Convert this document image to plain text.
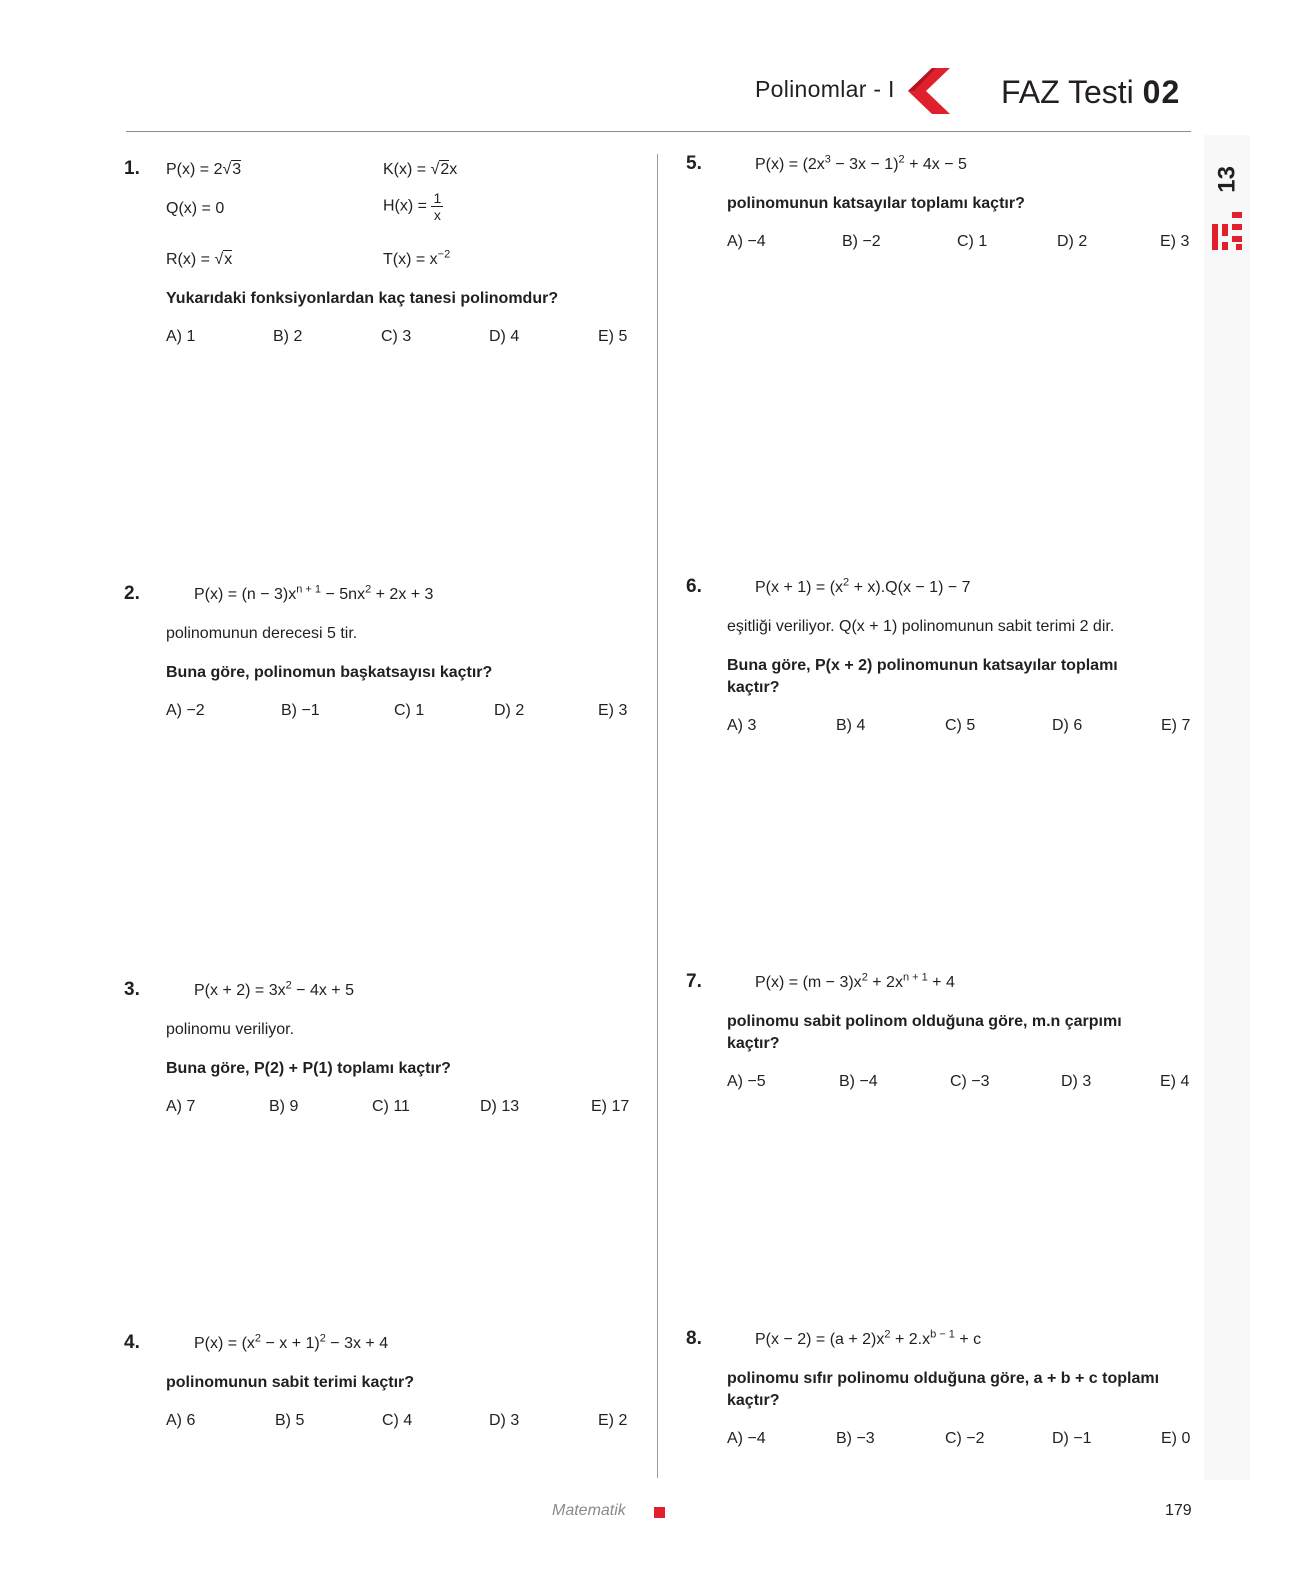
Polinomlar - I	FAZ Testi 02
13
1. P(x) = 2√3	K(x) = √2x
Q(x) = 0	$H(x) = \frac{1}{x}$
R(x) = √x	$T(x) = x^{-2}$
Yukarıdaki fonksiyonlardan kaç tanesi polinomdur?
A) 1	B) 2	C) 3	D) 4	E) 5
2.	$P(x) = (n - 3)x^{n + 1} - 5nx^2 + 2x + 3$
polinomunun derecesi 5 tir.
Buna göre, polinomun başkatsayısı kaçtır?
A) −2	B) −1	C) 1	D) 2	E) 3
3.	$P(x + 2) = 3x^2 - 4x + 5$
polinomu veriliyor.
Buna göre, P(2) + P(1) toplamı kaçtır?
A) 7	B) 9	C) 11	D) 13	E) 17
4.	$P(x) = (x^2 - x + 1)^2 - 3x + 4$
polinomunun sabit terimi kaçtır?
A) 6	B) 5	C) 4	D) 3	E) 2
5.	$P(x) = (2x^3 - 3x - 1)^2 + 4x - 5$
polinomunun katsayılar toplamı kaçtır?
A) −4	B) −2	C) 1	D) 2	E) 3
6.	$P(x + 1) = (x^2 + x).Q(x - 1) - 7$
eşitliği veriliyor. Q(x + 1) polinomunun sabit terimi 2 dir.
Buna göre, P(x + 2) polinomunun katsayılar toplamı
kaçtır?
A) 3	B) 4	C) 5	D) 6	E) 7
7.	$P(x) = (m - 3)x^2 + 2x^{n + 1} + 4$
polinomu sabit polinom olduğuna göre, m.n çarpımı
kaçtır?
A) −5	B) −4	C) −3	D) 3	E) 4
8.	$P(x - 2) = (a + 2)x^2 + 2.x^{b - 1} + c$
polinomu sıfır polinomu olduğuna göre, a + b + c toplamı
kaçtır?
A) −4	B) −3	C) −2	D) −1	E) 0
Matematik	179
